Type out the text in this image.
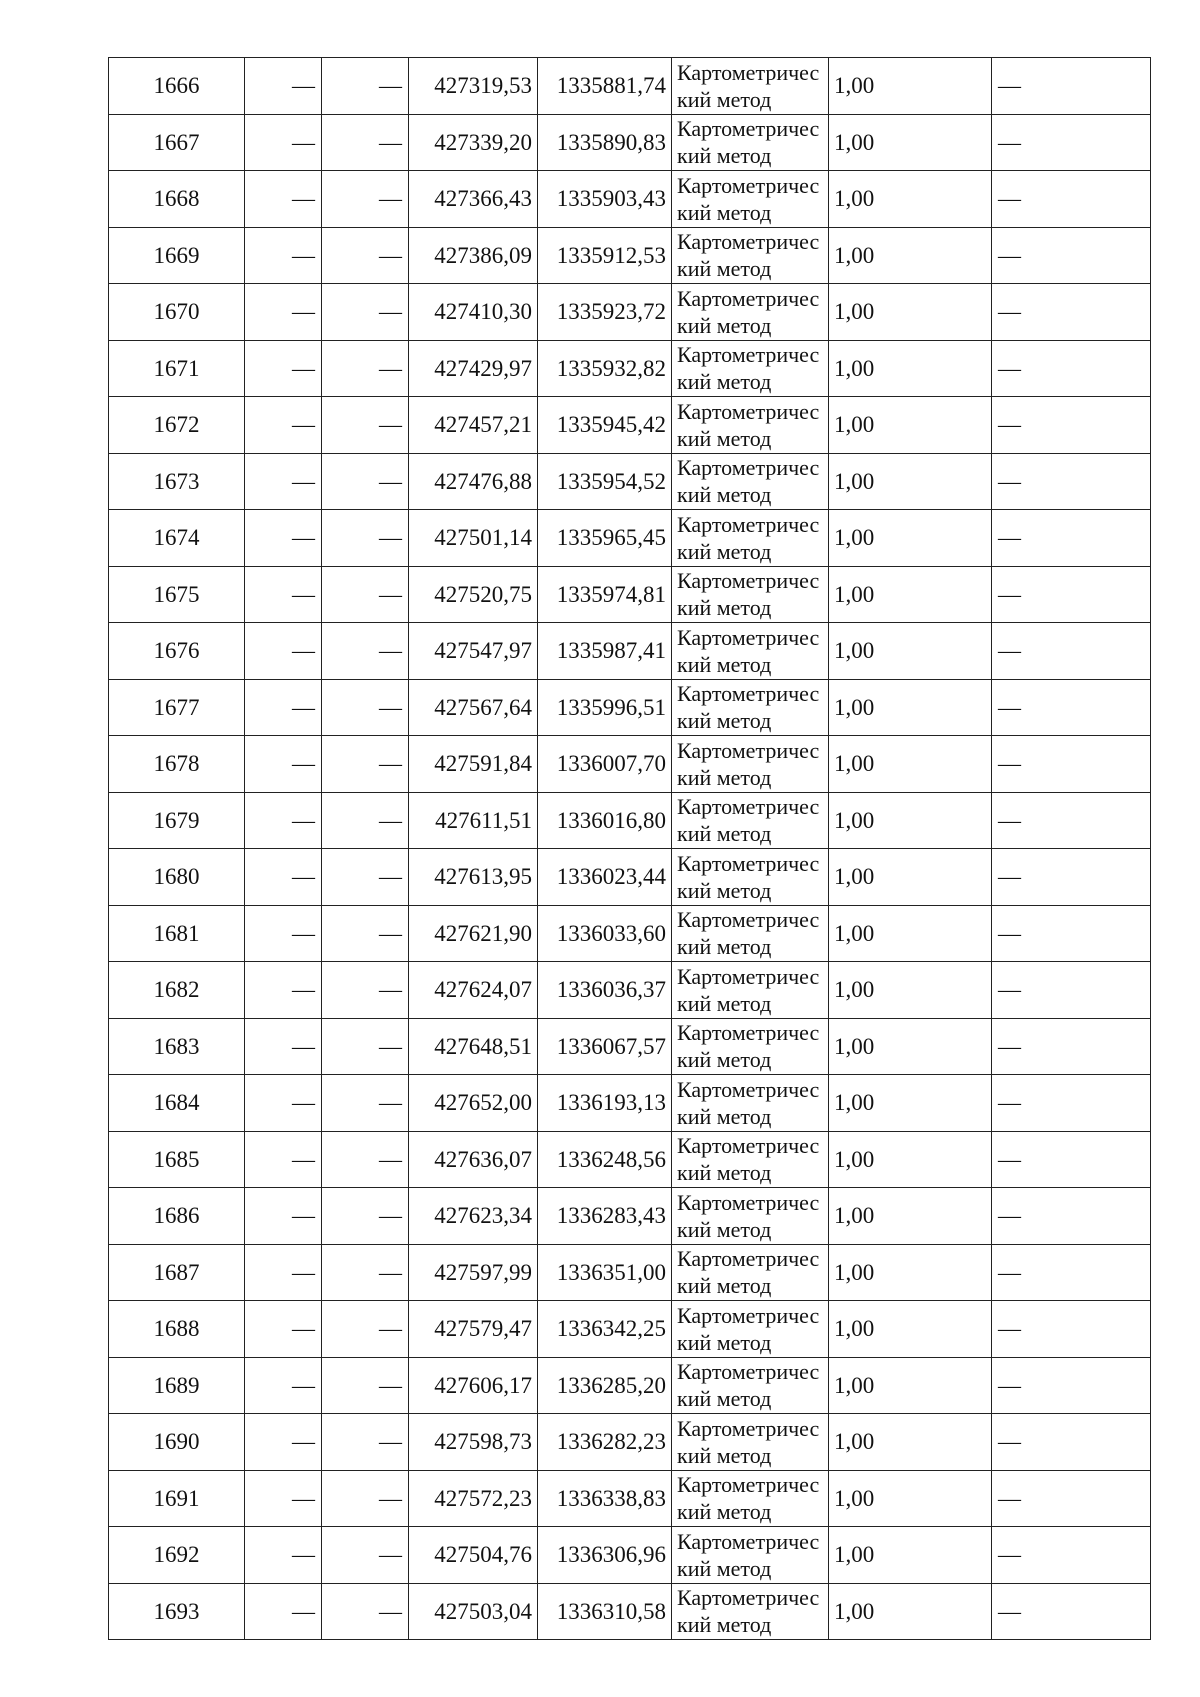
1666	—	—	427319,53	1335881,74	Картометрический метод	1,00	—
1667	—	—	427339,20	1335890,83	Картометрический метод	1,00	—
1668	—	—	427366,43	1335903,43	Картометрический метод	1,00	—
1669	—	—	427386,09	1335912,53	Картометрический метод	1,00	—
1670	—	—	427410,30	1335923,72	Картометрический метод	1,00	—
1671	—	—	427429,97	1335932,82	Картометрический метод	1,00	—
1672	—	—	427457,21	1335945,42	Картометрический метод	1,00	—
1673	—	—	427476,88	1335954,52	Картометрический метод	1,00	—
1674	—	—	427501,14	1335965,45	Картометрический метод	1,00	—
1675	—	—	427520,75	1335974,81	Картометрический метод	1,00	—
1676	—	—	427547,97	1335987,41	Картометрический метод	1,00	—
1677	—	—	427567,64	1335996,51	Картометрический метод	1,00	—
1678	—	—	427591,84	1336007,70	Картометрический метод	1,00	—
1679	—	—	427611,51	1336016,80	Картометрический метод	1,00	—
1680	—	—	427613,95	1336023,44	Картометрический метод	1,00	—
1681	—	—	427621,90	1336033,60	Картометрический метод	1,00	—
1682	—	—	427624,07	1336036,37	Картометрический метод	1,00	—
1683	—	—	427648,51	1336067,57	Картометрический метод	1,00	—
1684	—	—	427652,00	1336193,13	Картометрический метод	1,00	—
1685	—	—	427636,07	1336248,56	Картометрический метод	1,00	—
1686	—	—	427623,34	1336283,43	Картометрический метод	1,00	—
1687	—	—	427597,99	1336351,00	Картометрический метод	1,00	—
1688	—	—	427579,47	1336342,25	Картометрический метод	1,00	—
1689	—	—	427606,17	1336285,20	Картометрический метод	1,00	—
1690	—	—	427598,73	1336282,23	Картометрический метод	1,00	—
1691	—	—	427572,23	1336338,83	Картометрический метод	1,00	—
1692	—	—	427504,76	1336306,96	Картометрический метод	1,00	—
1693	—	—	427503,04	1336310,58	Картометрический метод	1,00	—
